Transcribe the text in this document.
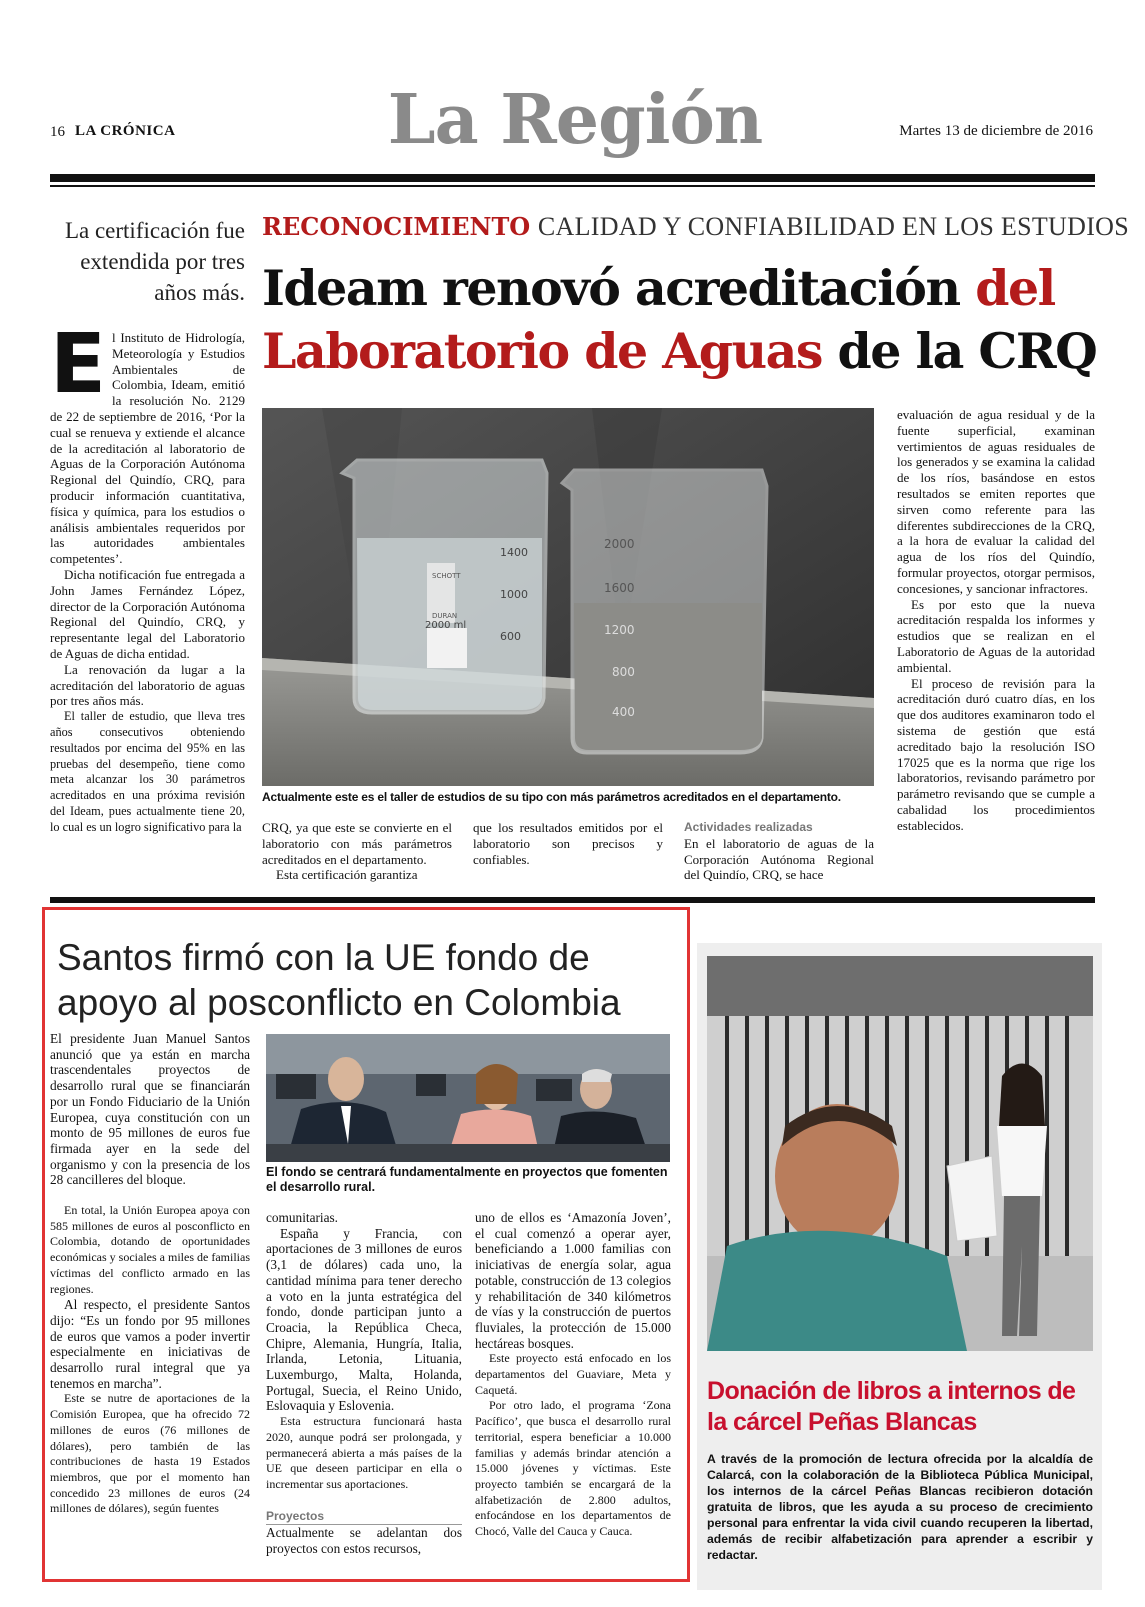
16 LA CRÓNICA	La Región	Martes 13 de diciembre de 2016
La certificación fue extendida por tres años más.
RECONOCIMIENTO CALIDAD Y CONFIABILIDAD EN LOS ESTUDIOS
Ideam renovó acreditación del
Laboratorio de Aguas de la CRQ

El Instituto de Hidrología, Meteorología y Estudios Ambientales de Colombia, Ideam, emitió la resolución No. 2129 de 22 de septiembre de 2016, ‘Por la cual se renueva y extiende el alcance de la acreditación al laboratorio de Aguas de la Corporación Autónoma Regional del Quindío, CRQ, para producir información cuantitativa, física y química, para los estudios o análisis ambientales requeridos por las autoridades ambientales competentes’.

Dicha notificación fue entregada a John James Fernández López, director de la Corporación Autónoma Regional del Quindío, CRQ, y representante legal del Laboratorio de Aguas de dicha entidad.

La renovación da lugar a la acreditación del laboratorio de aguas por tres años más.

El taller de estudio, que lleva tres años consecutivos obteniendo resultados por encima del 95% en las pruebas del desempeño, tiene como meta alcanzar los 30 parámetros acreditados en una próxima revisión del Ideam, pues actualmente tiene 20, lo cual es un logro significativo para la

SCHOTT
DURAN
2000 ml
1400
1000
600
2000
1600
1200
800
400
Actualmente este es el taller de estudios de su tipo con más parámetros acreditados en el departamento.

CRQ, ya que este se convierte en el laboratorio con más parámetros acreditados en el departamento.

Esta certificación garantiza

que los resultados emitidos por el laboratorio son precisos y confiables.

Actividades realizadas

En el laboratorio de aguas de la Corporación Autónoma Regional del Quindío, CRQ, se hace

evaluación de agua residual y de la fuente superficial, examinan vertimientos de aguas residuales de los generados y se examina la calidad de los ríos, basándose en estos resultados se emiten reportes que sirven como referente para las diferentes subdirecciones de la CRQ, a la hora de evaluar la calidad del agua de los ríos del Quindío, formular proyectos, otorgar permisos, concesiones, y sancionar infractores.

Es por esto que la nueva acreditación respalda los informes y estudios que se realizan en el Laboratorio de Aguas de la autoridad ambiental.

El proceso de revisión para la acreditación duró cuatro días, en los que dos auditores examinaron todo el sistema de gestión que está acreditado bajo la resolución ISO 17025 que es la norma que rige los laboratorios, revisando parámetro por parámetro revisando que se cumple a cabalidad los procedimientos establecidos.

Santos firmó con la UE fondo de apoyo al posconflicto en Colombia

El presidente Juan Manuel Santos anunció que ya están en marcha trascendentales proyectos de desarrollo rural que se financiarán por un Fondo Fiduciario de la Unión Europea, cuya constitución con un monto de 95 millones de euros fue firmada ayer en la sede del organismo y con la presencia de los 28 cancilleres del bloque.

El fondo se centrará fundamentalmente en proyectos que fomenten el desarrollo rural.

En total, la Unión Europea apoya con 585 millones de euros al posconflicto en Colombia, dotando de oportunidades económicas y sociales a miles de familias víctimas del conflicto armado en las regiones.

Al respecto, el presidente Santos dijo: “Es un fondo por 95 millones de euros que vamos a poder invertir especialmente en iniciativas de desarrollo rural integral que ya tenemos en marcha”.

Este se nutre de aportaciones de la Comisión Europea, que ha ofrecido 72 millones de euros (76 millones de dólares), pero también de las contribuciones de hasta 19 Estados miembros, que por el momento han concedido 23 millones de euros (24 millones de dólares), según fuentes

comunitarias.

España y Francia, con aportaciones de 3 millones de euros (3,1 de dólares) cada uno, la cantidad mínima para tener derecho a voto en la junta estratégica del fondo, donde participan junto a Croacia, la República Checa, Chipre, Alemania, Hungría, Italia, Irlanda, Letonia, Lituania, Luxemburgo, Malta, Holanda, Portugal, Suecia, el Reino Unido, Eslovaquia y Eslovenia.

Esta estructura funcionará hasta 2020, aunque podrá ser prolongada, y permanecerá abierta a más países de la UE que deseen participar en ella o incrementar sus aportaciones.

Proyectos

Actualmente se adelantan dos proyectos con estos recursos,

uno de ellos es ‘Amazonía Joven’, el cual comenzó a operar ayer, beneficiando a 1.000 familias con iniciativas de energía solar, agua potable, construcción de 13 colegios y rehabilitación de 340 kilómetros de vías y la construcción de puertos fluviales, la protección de 15.000 hectáreas bosques.

Este proyecto está enfocado en los departamentos del Guaviare, Meta y Caquetá.

Por otro lado, el programa ‘Zona Pacífico’, que busca el desarrollo rural territorial, espera beneficiar a 10.000 familias y además brindar atención a 15.000 jóvenes y víctimas. Este proyecto también se encargará de la alfabetización de 2.800 adultos, enfocándose en los departamentos de Chocó, Valle del Cauca y Cauca.

Donación de libros a internos de la cárcel Peñas Blancas
A través de la promoción de lectura ofrecida por la alcaldía de Calarcá, con la colaboración de la Biblioteca Pública Municipal, los internos de la cárcel Peñas Blancas recibieron dotación gratuita de libros, que les ayuda a su proceso de crecimiento personal para enfrentar la vida civil cuando recuperen la libertad, además de recibir alfabetización para aprender a escribir y redactar.
